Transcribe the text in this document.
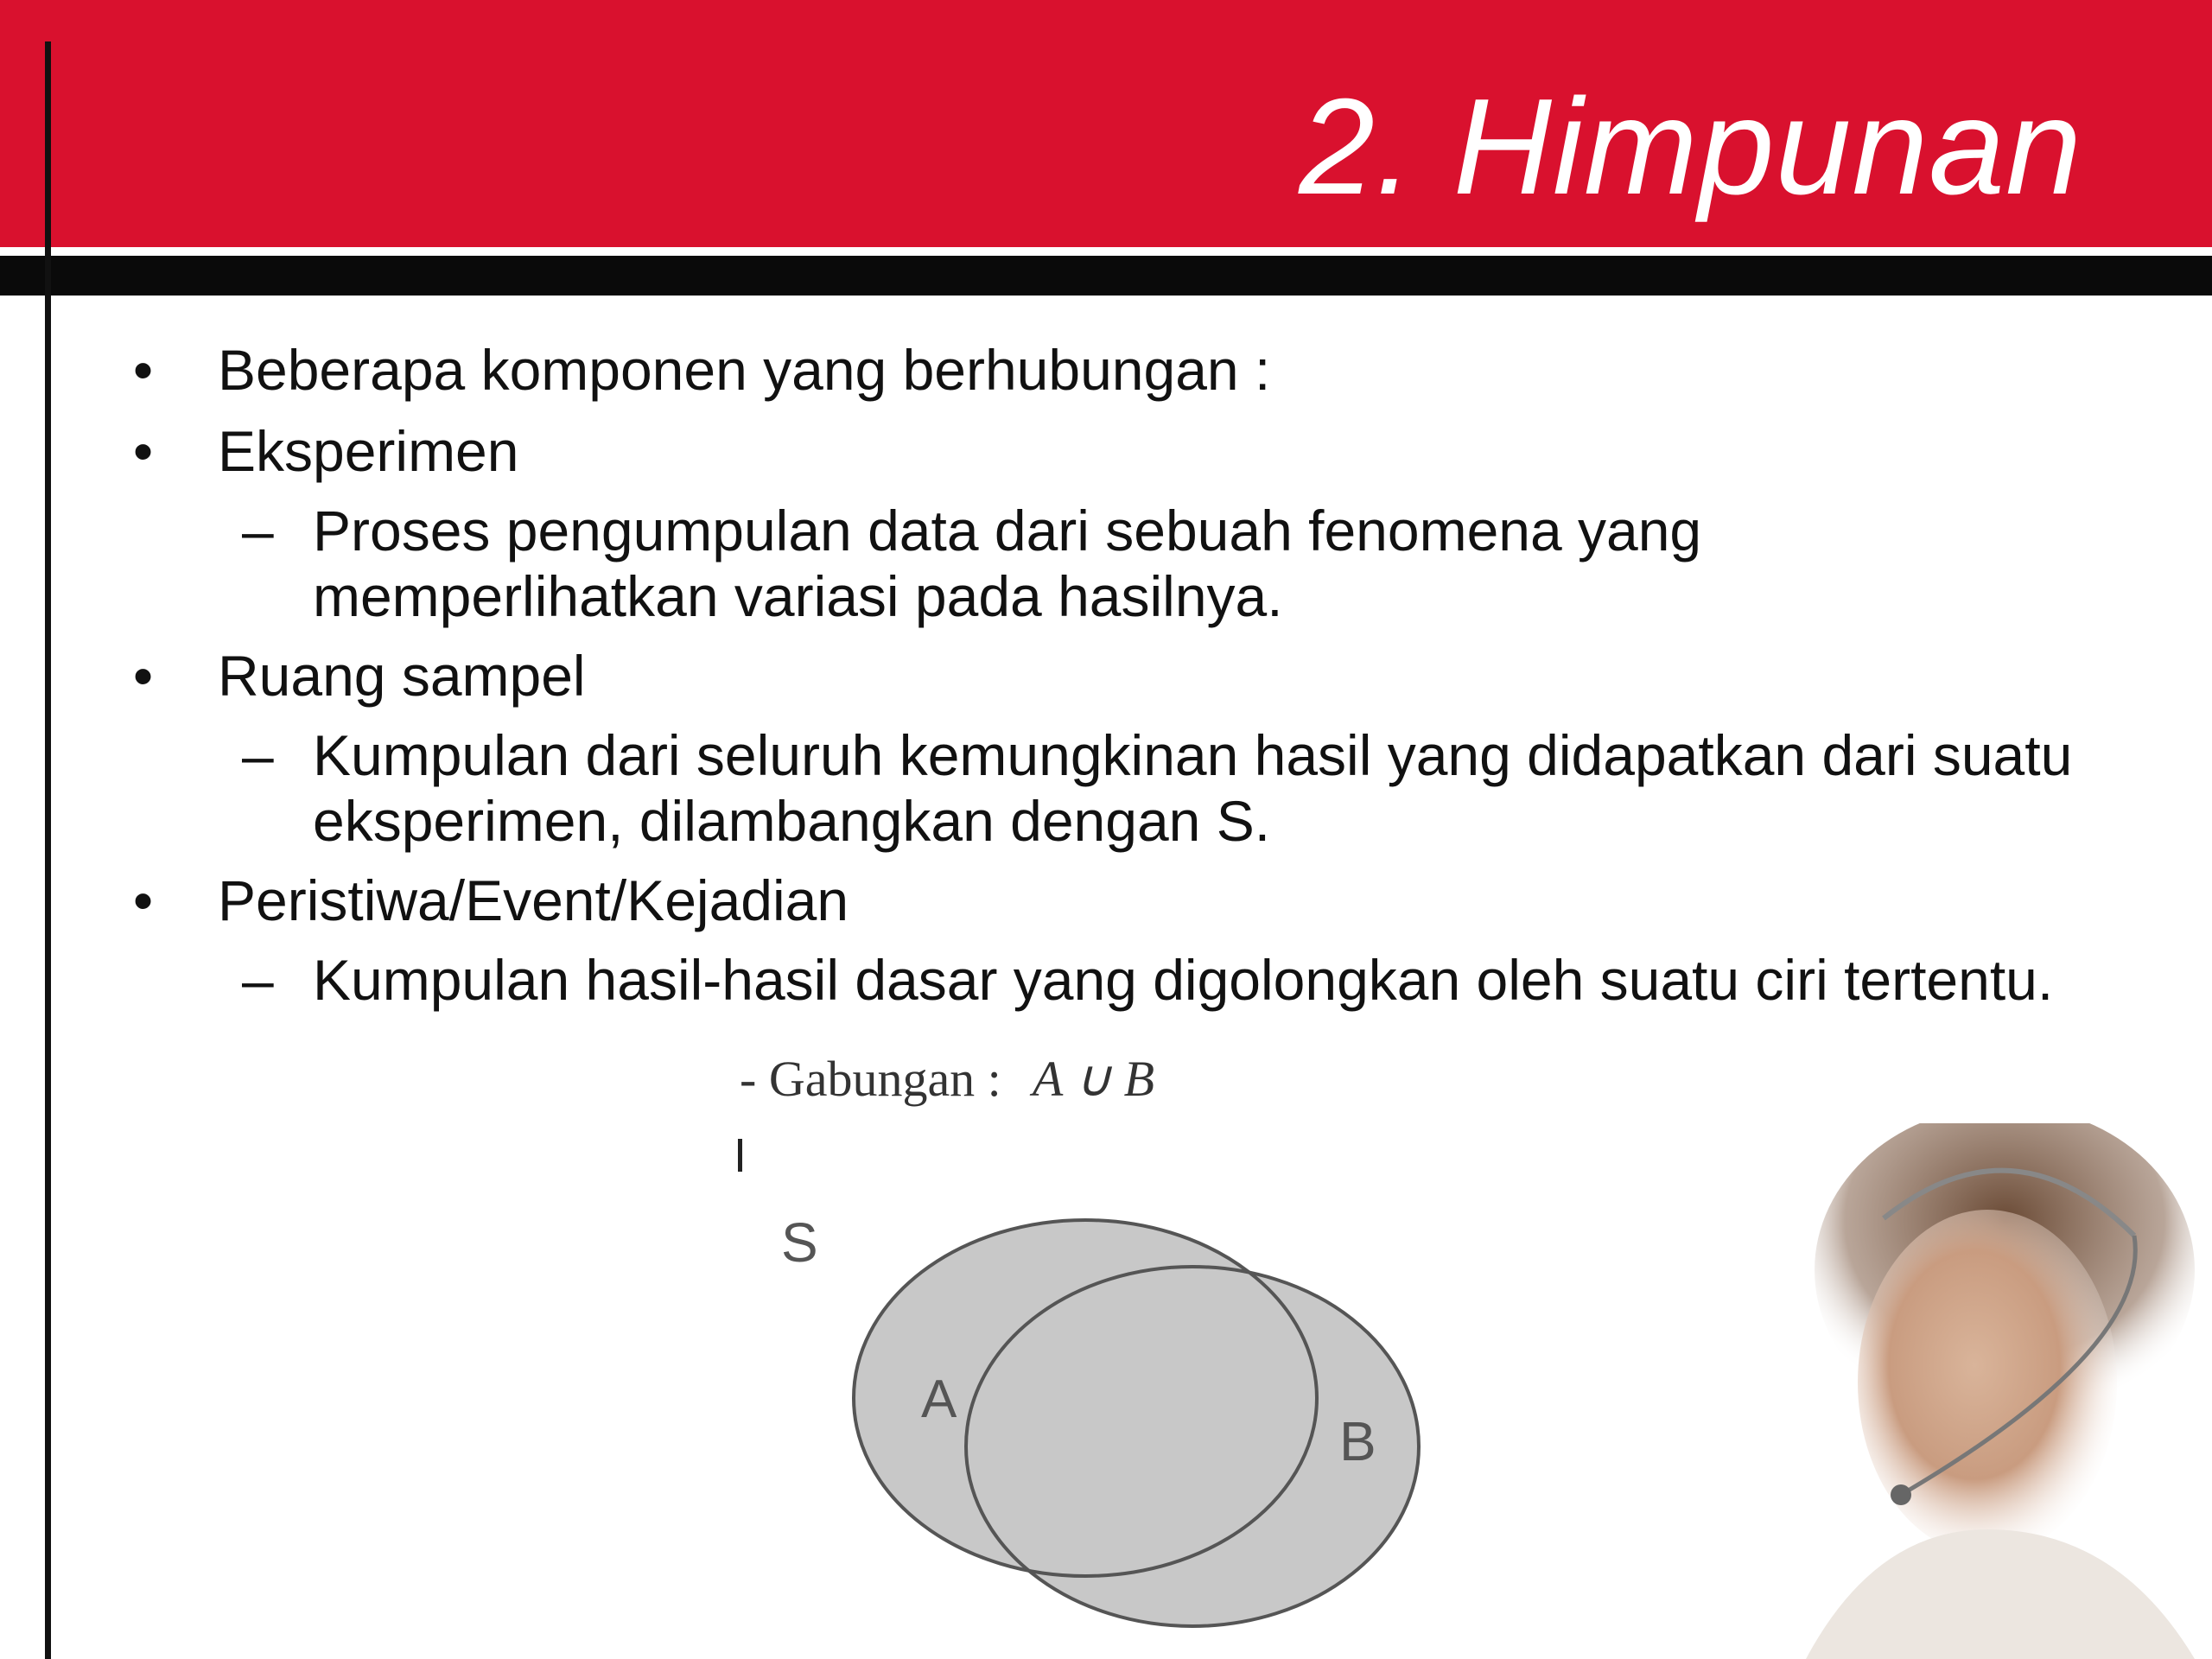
2. Himpunan
• Beberapa komponen yang berhubungan :
• Eksperimen
– Proses pengumpulan data dari sebuah fenomena yang memperlihatkan variasi pada hasilnya.
• Ruang sampel
– Kumpulan dari seluruh kemungkinan hasil yang didapatkan dari suatu eksperimen, dilambangkan dengan S.
• Peristiwa/Event/Kejadian
– Kumpulan hasil-hasil dasar yang digolongkan oleh suatu ciri tertentu.
- Gabungan : A ∪ B
S
A
B
